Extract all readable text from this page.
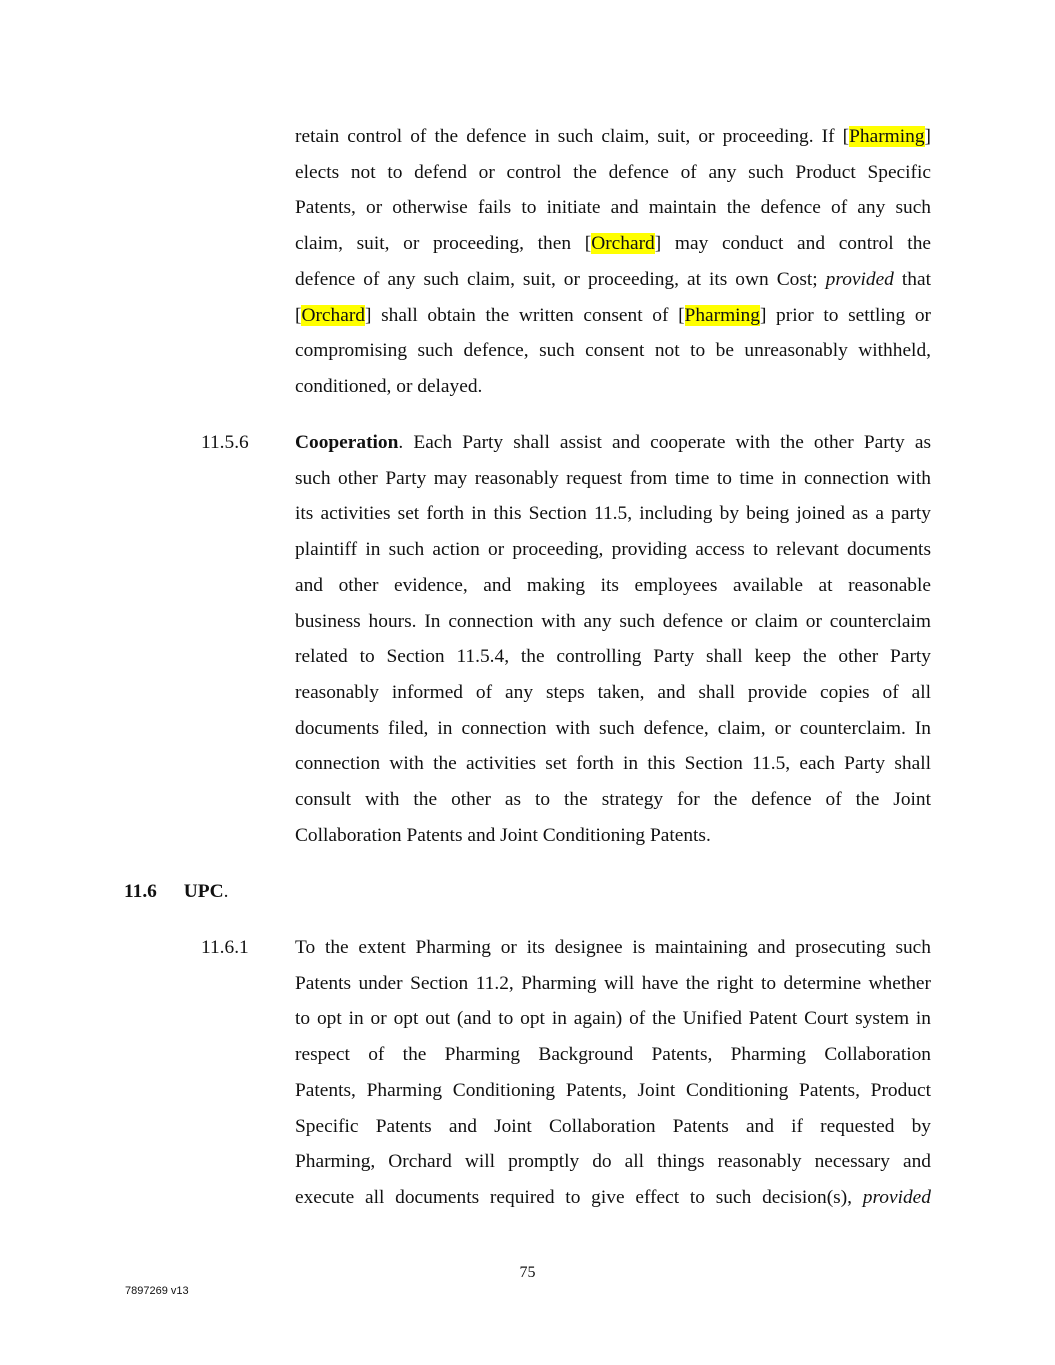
retain control of the defence in such claim, suit, or proceeding. If [Pharming]
elects not to defend or control the defence of any such Product Specific
Patents, or otherwise fails to initiate and maintain the defence of any such
claim, suit, or proceeding, then [Orchard] may conduct and control the
defence of any such claim, suit, or proceeding, at its own Cost; provided that
[Orchard] shall obtain the written consent of [Pharming] prior to settling or
compromising such defence, such consent not to be unreasonably withheld,
conditioned, or delayed.
11.5.6 Cooperation. Each Party shall assist and cooperate with the other Party as
such other Party may reasonably request from time to time in connection with
its activities set forth in this Section 11.5, including by being joined as a party
plaintiff in such action or proceeding, providing access to relevant documents
and other evidence, and making its employees available at reasonable
business hours. In connection with any such defence or claim or counterclaim
related to Section 11.5.4, the controlling Party shall keep the other Party
reasonably informed of any steps taken, and shall provide copies of all
documents filed, in connection with such defence, claim, or counterclaim. In
connection with the activities set forth in this Section 11.5, each Party shall
consult with the other as to the strategy for the defence of the Joint
Collaboration Patents and Joint Conditioning Patents.
11.6 UPC.
11.6.1 To the extent Pharming or its designee is maintaining and prosecuting such
Patents under Section 11.2, Pharming will have the right to determine whether
to opt in or opt out (and to opt in again) of the Unified Patent Court system in
respect of the Pharming Background Patents, Pharming Collaboration
Patents, Pharming Conditioning Patents, Joint Conditioning Patents, Product
Specific Patents and Joint Collaboration Patents and if requested by
Pharming, Orchard will promptly do all things reasonably necessary and
execute all documents required to give effect to such decision(s), provided
75
7897269 v13
